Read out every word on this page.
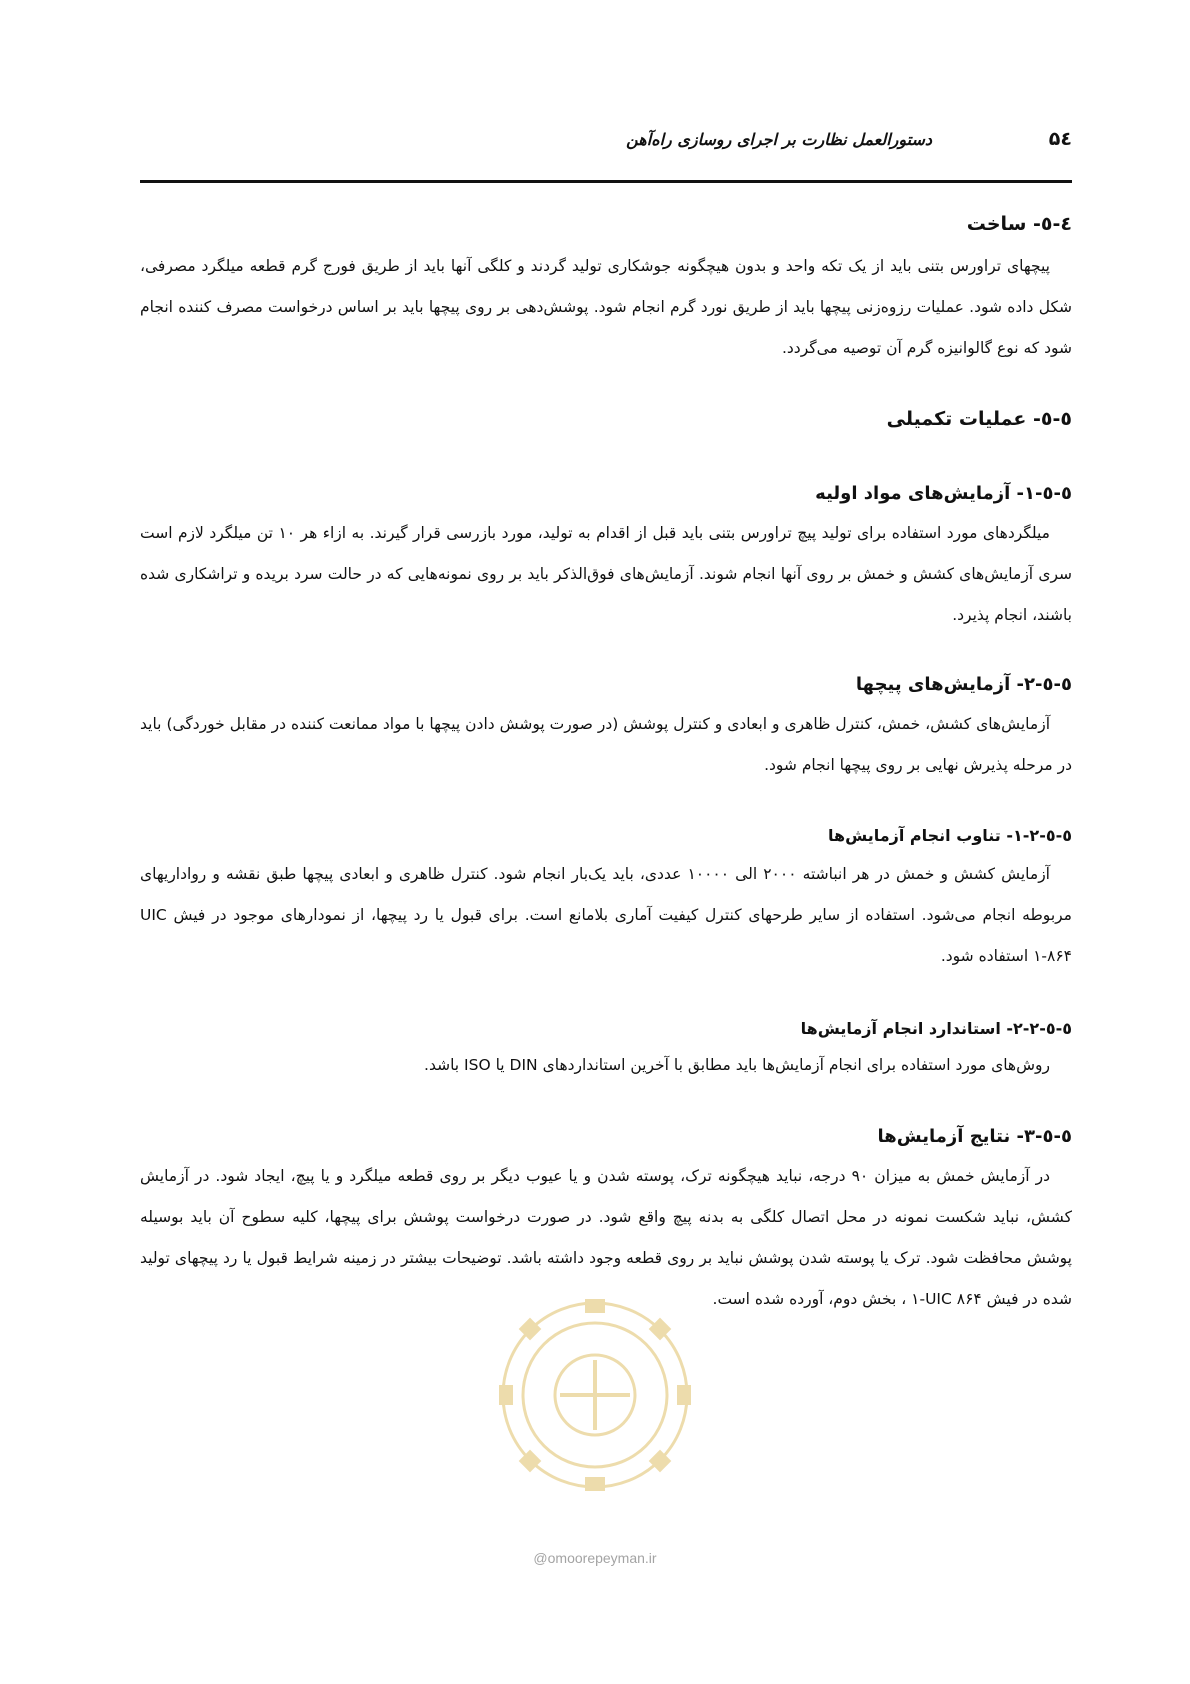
دستورالعمل نظارت بر اجرای روسازی راه‌آهن	۵٤
٤-٥- ساخت

پیچهای تراورس بتنی باید از یک تکه واحد و بدون هیچگونه جوشکاری تولید گردند و کلگی آنها باید از طریق فورج گرم قطعه میلگرد مصرفی، شکل داده شود. عملیات رزوه‌زنی پیچها باید از طریق نورد گرم انجام شود. پوشش‌دهی بر روی پیچها باید بر اساس درخواست مصرف کننده انجام شود که نوع گالوانیزه گرم آن توصیه می‌گردد.

٥-٥- عملیات تکمیلی
٥-٥-١- آزمایش‌های مواد اولیه

میلگردهای مورد استفاده برای تولید پیچ تراورس بتنی باید قبل از اقدام به تولید، مورد بازرسی قرار گیرند. به ازاء هر ١٠ تن میلگرد لازم است سری آزمایش‌های کشش و خمش بر روی آنها انجام شوند. آزمایش‌های فوق‌الذکر باید بر روی نمونه‌هایی که در حالت سرد بریده و تراشکاری شده باشند، انجام پذیرد.

٥-٥-٢- آزمایش‌های پیچها

آزمایش‌های کشش، خمش، کنترل ظاهری و ابعادی و کنترل پوشش (در صورت پوشش دادن پیچها با مواد ممانعت کننده در مقابل خوردگی) باید در مرحله پذیرش نهایی بر روی پیچها انجام شود.

٥-٥-٢-١- تناوب انجام آزمایش‌ها

آزمایش کشش و خمش در هر انباشته ٢٠٠٠ الی ١٠٠٠٠ عددی، باید یک‌بار انجام شود. کنترل ظاهری و ابعادی پیچها طبق نقشه و رواداریهای مربوطه انجام می‌شود. استفاده از سایر طرحهای کنترل کیفیت آماری بلامانع است. برای قبول یا رد پیچها، از نمودارهای موجود در فیش UIC ۸۶۴-١ استفاده شود.

٥-٥-٢-٢- استاندارد انجام آزمایش‌ها

روش‌های مورد استفاده برای انجام آزمایش‌ها باید مطابق با آخرین استانداردهای DIN یا ISO باشد.

٥-٥-٣- نتایج آزمایش‌ها

در آزمایش خمش به میزان ٩٠ درجه، نباید هیچگونه ترک، پوسته شدن و یا عیوب دیگر بر روی قطعه میلگرد و یا پیچ، ایجاد شود. در آزمایش کشش، نباید شکست نمونه در محل اتصال کلگی به بدنه پیچ واقع شود. در صورت درخواست پوشش برای پیچها، کلیه سطوح آن باید بوسیله پوشش محافظت شود. ترک یا پوسته شدن پوشش نباید بر روی قطعه وجود داشته باشد. توضیحات بیشتر در زمینه شرایط قبول یا رد پیچهای تولید شده در فیش UIC ۸۶۴-١ ، بخش دوم، آورده شده است.

@omoorepeyman.ir
